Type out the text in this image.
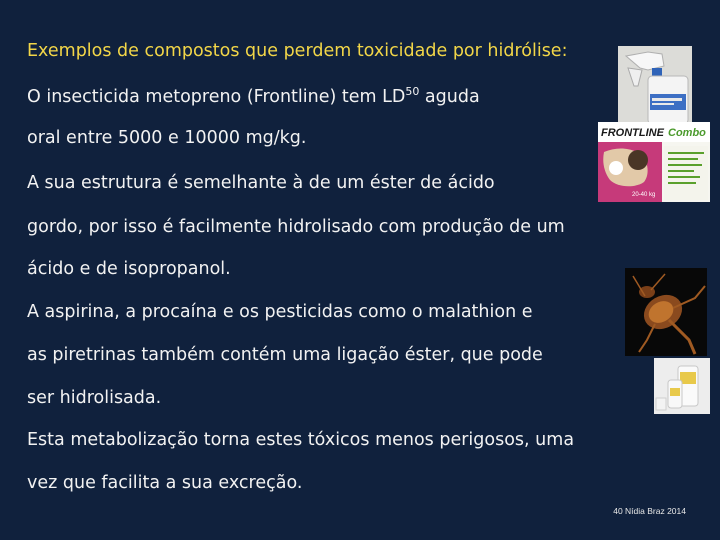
FRONTLINE Combo
20-40 kg
Exemplos de compostos que perdem toxicidade por hidrólise:
O insecticida metopreno (Frontline) tem LD$^{50}$ aguda
oral entre 5000 e 10000 mg/kg.
A sua estrutura é semelhante à de um éster de ácido
gordo, por isso é facilmente hidrolisado com produção de um
ácido e de isopropanol.
A aspirina, a procaína e os pesticidas como o malathion e
as piretrinas também contém uma ligação éster, que pode
ser hidrolisada.
Esta metabolização torna estes tóxicos menos perigosos, uma
vez que facilita a sua excreção.
40 Nídia Braz 2014
